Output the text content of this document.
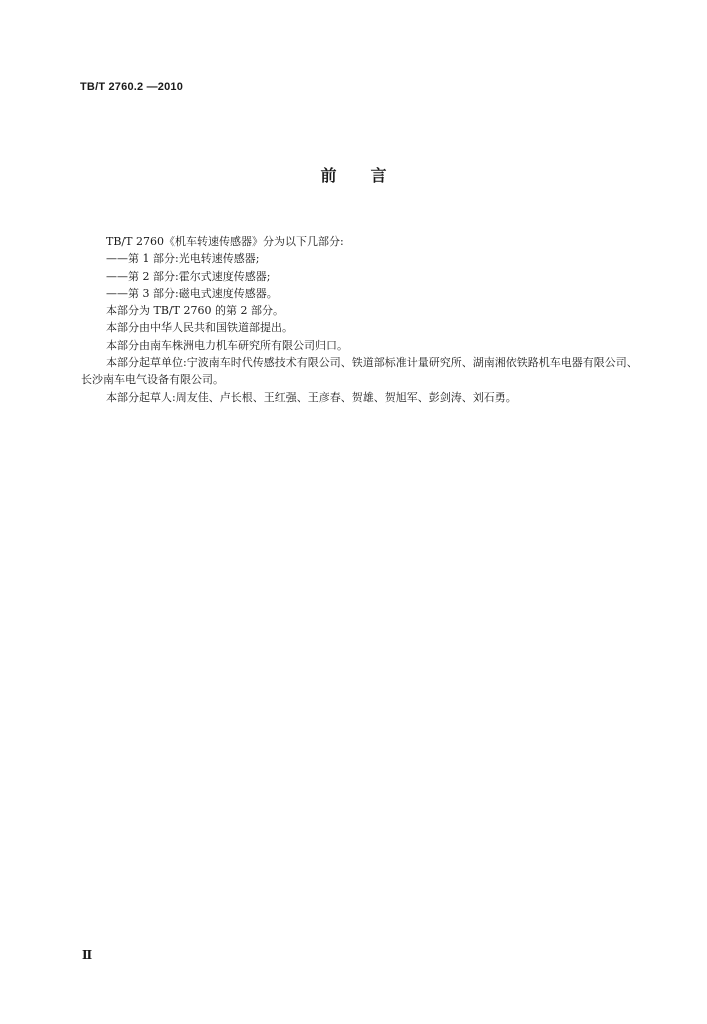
TB/T 2760.2 —2010
前言

TB/T 2760《机车转速传感器》分为以下几部分:

——第 1 部分:光电转速传感器;

——第 2 部分:霍尔式速度传感器;

——第 3 部分:磁电式速度传感器。

本部分为 TB/T 2760 的第 2 部分。

本部分由中华人民共和国铁道部提出。

本部分由南车株洲电力机车研究所有限公司归口。

本部分起草单位:宁波南车时代传感技术有限公司、铁道部标准计量研究所、湖南湘依铁路机车电器有限公司、长沙南车电气设备有限公司。

本部分起草人:周友佳、卢长根、王红强、王彦春、贺雄、贺旭军、彭剑涛、刘石勇。

Ⅱ
